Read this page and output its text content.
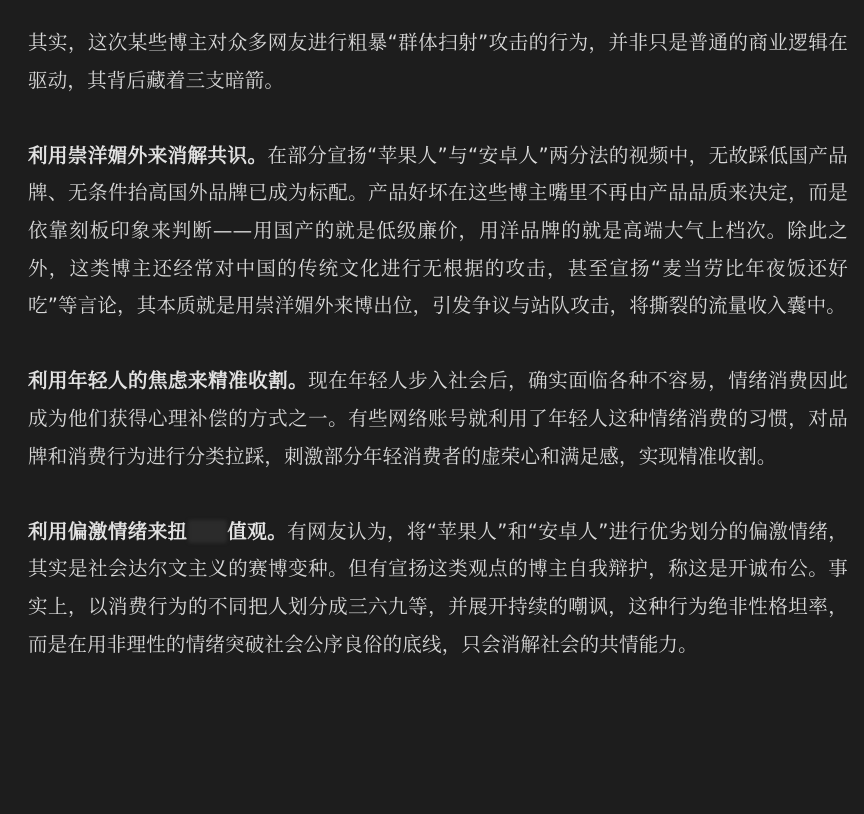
其实，这次某些博主对众多网友进行粗暴“群体扫射”攻击的行为，并非只是普通的商业逻辑在驱动，其背后藏着三支暗箭。

利用崇洋媚外来消解共识。在部分宣扬“苹果人”与“安卓人”两分法的视频中，无故踩低国产品牌、无条件抬高国外品牌已成为标配。产品好坏在这些博主嘴里不再由产品品质来决定，而是依靠刻板印象来判断——用国产的就是低级廉价，用洋品牌的就是高端大气上档次。除此之外，这类博主还经常对中国的传统文化进行无根据的攻击，甚至宣扬“麦当劳比年夜饭还好吃”等言论，其本质就是用崇洋媚外来博出位，引发争议与站队攻击，将撕裂的流量收入囊中。

利用年轻人的焦虑来精准收割。现在年轻人步入社会后，确实面临各种不容易，情绪消费因此成为他们获得心理补偿的方式之一。有些网络账号就利用了年轻人这种情绪消费的习惯，对品牌和消费行为进行分类拉踩，刺激部分年轻消费者的虚荣心和满足感，实现精准收割。

利用偏激情绪来扭 值观。有网友认为，将“苹果人”和“安卓人”进行优劣划分的偏激情绪，其实是社会达尔文主义的赛博变种。但有宣扬这类观点的博主自我辩护，称这是开诚布公。事实上，以消费行为的不同把人划分成三六九等，并展开持续的嘲讽，这种行为绝非性格坦率，而是在用非理性的情绪突破社会公序良俗的底线，只会消解社会的共情能力。
